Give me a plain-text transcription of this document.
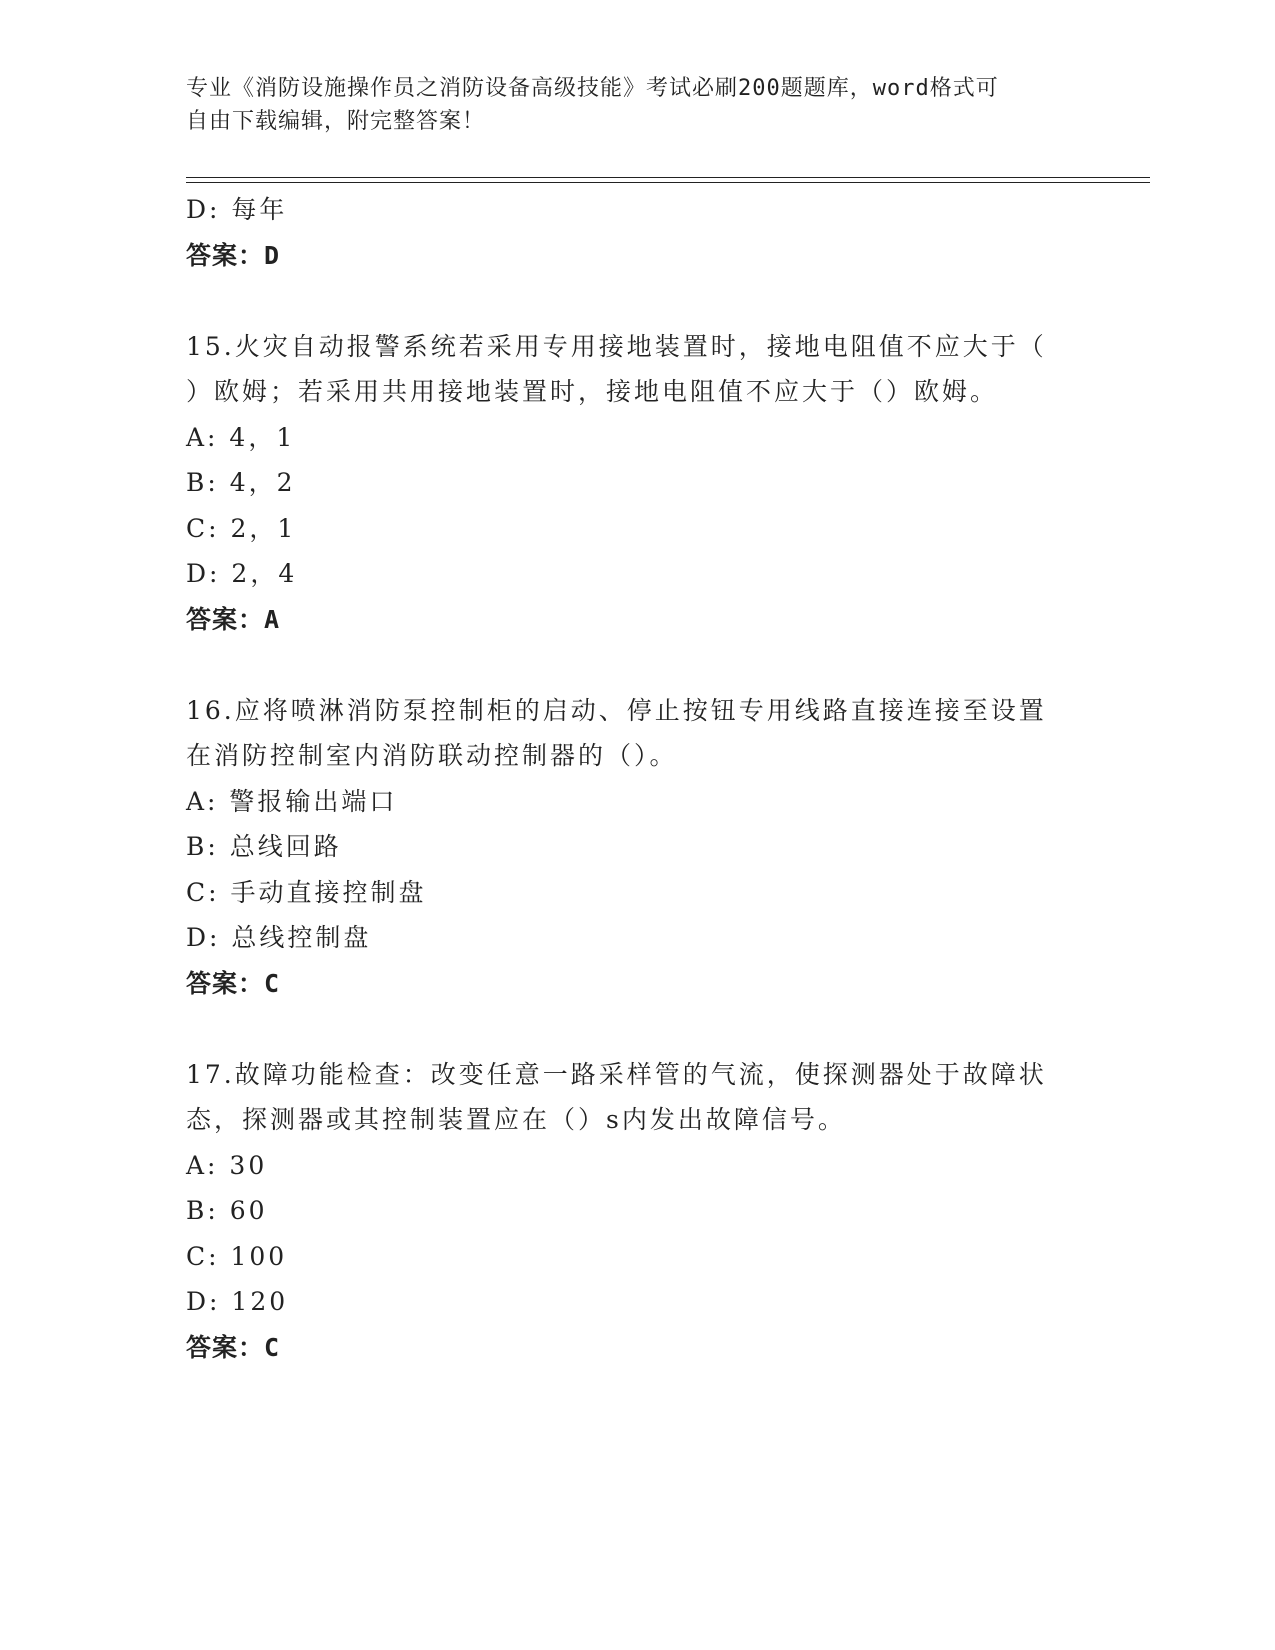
专业《消防设施操作员之消防设备高级技能》考试必刷200题题库，word格式可
自由下载编辑，附完整答案！
D: 每年
答案：D
15.火灾自动报警系统若采用专用接地装置时，接地电阻值不应大于（
）欧姆；若采用共用接地装置时，接地电阻值不应大于（）欧姆。
A: 4，1
B: 4，2
C: 2，1
D: 2，4
答案：A
16.应将喷淋消防泵控制柜的启动、停止按钮专用线路直接连接至设置
在消防控制室内消防联动控制器的（）。
A: 警报输出端口
B: 总线回路
C: 手动直接控制盘
D: 总线控制盘
答案：C
17.故障功能检查：改变任意一路采样管的气流，使探测器处于故障状
态，探测器或其控制装置应在（）s内发出故障信号。
A: 30
B: 60
C: 100
D: 120
答案：C
